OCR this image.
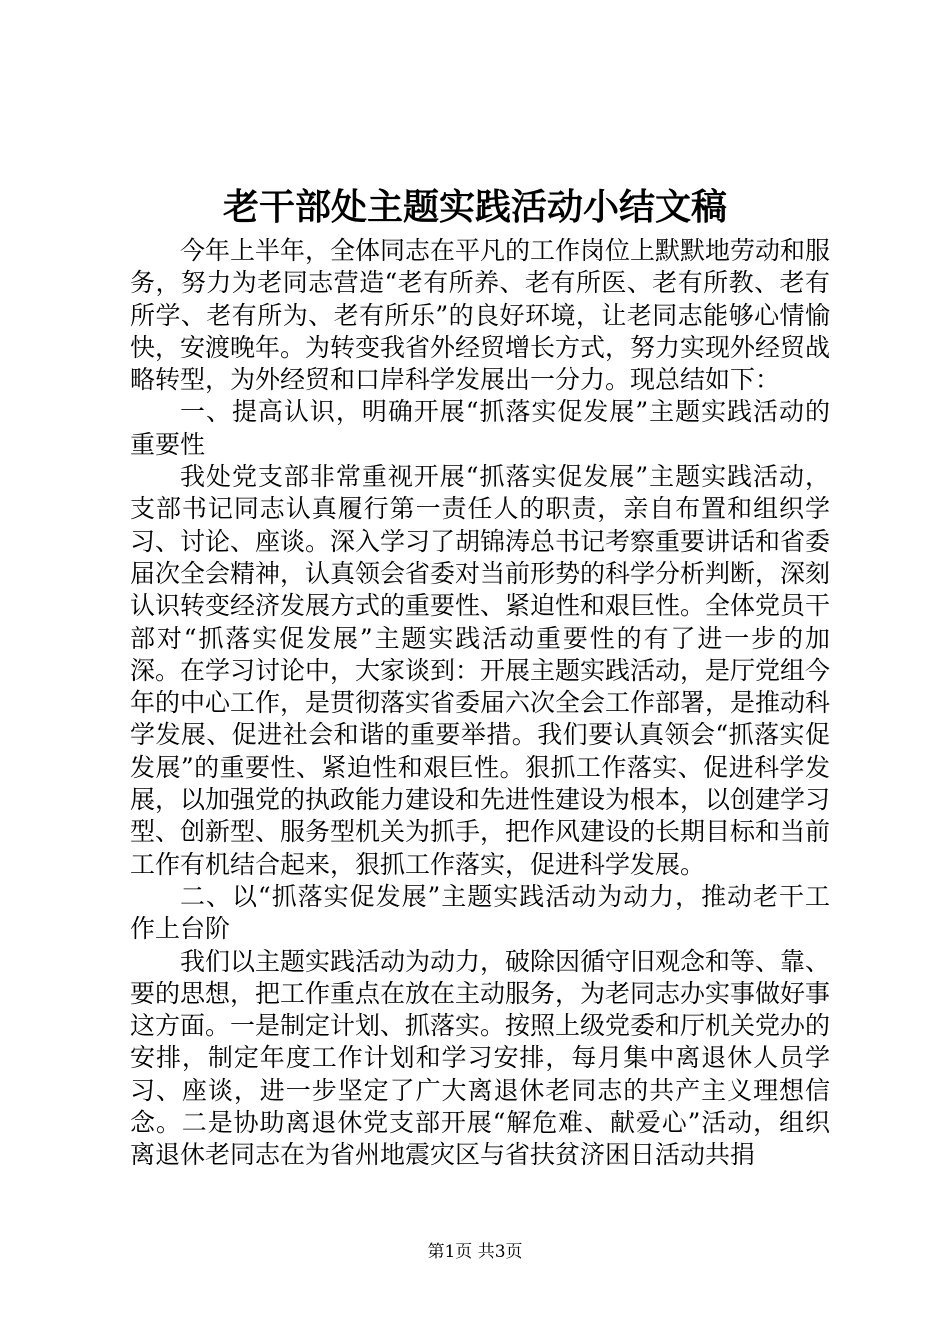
老干部处主题实践活动小结文稿

今年上半年，全体同志在平凡的工作岗位上默默地劳动和服务，努力为老同志营造“老有所养、老有所医、老有所教、老有所学、老有所为、老有所乐”的良好环境，让老同志能够心情愉快，安渡晚年。为转变我省外经贸增长方式，努力实现外经贸战略转型，为外经贸和口岸科学发展出一分力。现总结如下：

一、提高认识，明确开展“抓落实促发展”主题实践活动的重要性

我处党支部非常重视开展“抓落实促发展”主题实践活动，支部书记同志认真履行第一责任人的职责，亲自布置和组织学习、讨论、座谈。深入学习了胡锦涛总书记考察重要讲话和省委届次全会精神，认真领会省委对当前形势的科学分析判断，深刻认识转变经济发展方式的重要性、紧迫性和艰巨性。全体党员干部对“抓落实促发展”主题实践活动重要性的有了进一步的加深。在学习讨论中，大家谈到：开展主题实践活动，是厅党组今年的中心工作，是贯彻落实省委届六次全会工作部署，是推动科学发展、促进社会和谐的重要举措。我们要认真领会“抓落实促发展”的重要性、紧迫性和艰巨性。狠抓工作落实、促进科学发展，以加强党的执政能力建设和先进性建设为根本，以创建学习型、创新型、服务型机关为抓手，把作风建设的长期目标和当前工作有机结合起来，狠抓工作落实，促进科学发展。

二、以“抓落实促发展”主题实践活动为动力，推动老干工作上台阶

我们以主题实践活动为动力，破除因循守旧观念和等、靠、要的思想，把工作重点在放在主动服务，为老同志办实事做好事这方面。一是制定计划、抓落实。按照上级党委和厅机关党办的安排，制定年度工作计划和学习安排，每月集中离退休人员学习、座谈，进一步坚定了广大离退休老同志的共产主义理想信念。二是协助离退休党支部开展“解危难、献爱心”活动，组织离退休老同志在为省州地震灾区与省扶贫济困日活动共捐

第1页 共3页
